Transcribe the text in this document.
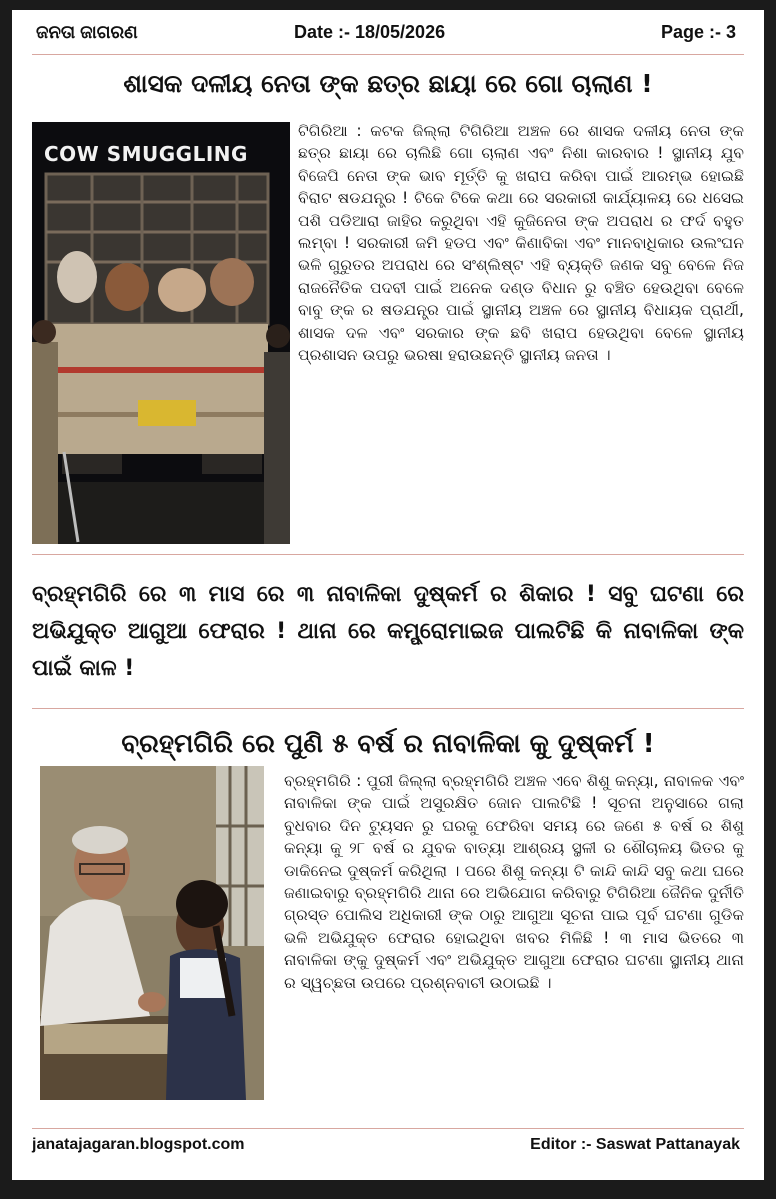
ଜନତା ଜାଗରଣ	Date :- 18/05/2026	Page :- 3
ଶାସକ ଦଳୀୟ ନେତା ଙ୍କ ଛତ୍ର ଛାୟା ରେ ଗୋ ଚାଲାଣ !
COW SMUGGLING
ଟିଗିରିଆ : କଟକ ଜିଲ୍ଲା ଟିଗିରିଆ ଅଞ୍ଚଳ ରେ ଶାସକ ଦଳୀୟ ନେତା ଙ୍କ ଛତ୍ର ଛାୟା ରେ ଚାଲିଛି ଗୋ ଚାଲାଣ ଏବଂ ନିଶା କାରବାର ! ସ୍ଥାନୀୟ ଯୁବ ବିଜେପି ନେତା ଙ୍କ ଭାବ ମୂର୍ତ୍ତି କୁ ଖରାପ କରିବା ପାଇଁ ଆରମ୍ଭ ହୋଇଛି ବିରାଟ ଷଡଯନ୍ତ୍ର ! ଟିକେ ଟିକେ କଥା ରେ ସରକାରୀ କାର୍ଯ୍ୟାଳୟ ରେ ଧସେଇ ପଶି ପଡିଆରା ଜାହିର କରୁଥିବା ଏହି କୁଜିନେତା ଙ୍କ ଅପରାଧ ର ଫର୍ଦ ବହୁତ ଲମ୍ବା ! ସରକାରୀ ଜମି ହଡପ ଏବଂ କିଣାବିକା ଏବଂ ମାନବାଧିକାର ଉଲଂଘନ ଭଳି ଗୁରୁତର ଅପରାଧ ରେ ସଂଶ୍ଲିଷ୍ଟ ଏହି ବ୍ୟକ୍ତି ଜଣକ ସବୁ ବେଳେ ନିଜ ରାଜନୈତିକ ପଦବୀ ପାଇଁ ଅନେକ ଦଣ୍ଡ ବିଧାନ ରୁ ବଞ୍ଚିତ ହେଉଥିବା ବେଳେ ବାବୁ ଙ୍କ ର ଷଡଯନ୍ତ୍ର ପାଇଁ ସ୍ଥାନୀୟ ଅଞ୍ଚଳ ରେ ସ୍ଥାନୀୟ ବିଧାୟକ ପ୍ରାର୍ଥୀ, ଶାସକ ଦଳ ଏବଂ ସରକାର ଙ୍କ ଛବି ଖରାପ ହେଉଥିବା ବେଳେ ସ୍ଥାନୀୟ ପ୍ରଶାସନ ଉପରୁ ଭରଷା ହରାଉଛନ୍ତି ସ୍ଥାନୀୟ ଜନତା ।
ବ୍ରହ୍ମଗିରି ରେ ୩ ମାସ ରେ ୩ ନାବାଳିକା ଦୁଷ୍କର୍ମ ର ଶିକାର ! ସବୁ ଘଟଣା ରେ ଅଭିଯୁକ୍ତ ଆଗୁଆ ଫେରାର ! ଥାନା ରେ କମ୍ପ୍ରୋମାଇଜ ପାଲଟିଛି କି ନାବାଳିକା ଙ୍କ ପାଇଁ କାଳ !
ବ୍ରହ୍ମଗିରି ରେ ପୁଣି ୫ ବର୍ଷ ର ନାବାଳିକା କୁ ଦୁଷ୍କର୍ମ !
ବ୍ରହ୍ମଗିରି : ପୁରୀ ଜିଲ୍ଲା ବ୍ରହ୍ମଗିରି ଅଞ୍ଚଳ ଏବେ ଶିଶୁ କନ୍ୟା, ନାବାଳକ ଏବଂ ନାବାଳିକା ଙ୍କ ପାଇଁ ଅସୁରକ୍ଷିତ ଜୋନ ପାଲଟିଛି ! ସୂଚନା ଅନୁସାରେ ଗଲା ବୁଧବାର ଦିନ ଟ୍ୟୁସନ ରୁ ଘରକୁ ଫେରିବା ସମୟ ରେ ଜଣେ ୫ ବର୍ଷ ର ଶିଶୁ କନ୍ୟା କୁ ୨୮ ବର୍ଷ ର ଯୁବକ ବାତ୍ୟା ଆଶ୍ରୟ ସ୍ଥଳୀ ର ଶୌଚାଳୟ ଭିତର କୁ ଡାକିନେଇ ଦୁଷ୍କର୍ମ କରିଥିଲା । ପରେ ଶିଶୁ କନ୍ୟା ଟି କାନ୍ଦି କାନ୍ଦି ସବୁ କଥା ଘରେ ଜଣାଇବାରୁ ବ୍ରହ୍ମଗିରି ଥାନା ରେ ଅଭିଯୋଗ କରିବାରୁ ଟିଗିରିଆ ଜୈନିକ ଦୁର୍ନୀତି ଗ୍ରସ୍ତ ପୋଲିସ ଅଧିକାରୀ ଙ୍କ ଠାରୁ ଆଗୁଆ ସୂଚନା ପାଇ ପୂର୍ବ ଘଟଣା ଗୁଡିକ ଭଳି ଅଭିଯୁକ୍ତ ଫେରାର ହୋଇଥିବା ଖବର ମିଳିଛି ! ୩ ମାସ ଭିତରେ ୩ ନାବାଳିକା ଙ୍କୁ ଦୁଷ୍କର୍ମ ଏବଂ ଅଭିଯୁକ୍ତ ଆଗୁଆ ଫେରାର ଘଟଣା ସ୍ଥାନୀୟ ଥାନା ର ସ୍ୱଚ୍ଛତା ଉପରେ ପ୍ରଶ୍ନବାଚୀ ଉଠାଇଛି ।
janatajagaran.blogspot.com	Editor :- Saswat Pattanayak
